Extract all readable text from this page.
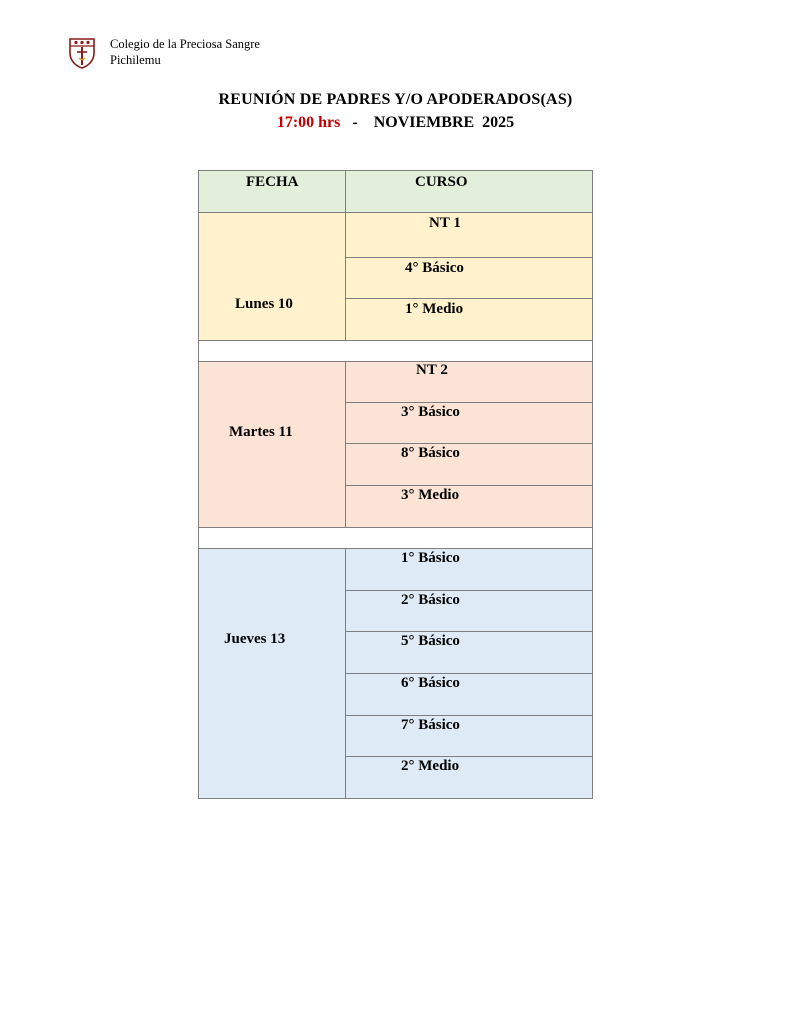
Colegio de la Preciosa Sangre
Pichilemu
REUNIÓN DE PADRES Y/O APODERADOS(AS)
17:00 hrs   -    NOVIEMBRE  2025
FECHA	CURSO
Lunes 10
NT 1
4° Básico
1° Medio
Martes 11
NT 2
3° Básico
8° Básico
3° Medio
Jueves 13
1° Básico
2° Básico
5° Básico
6° Básico
7° Básico
2° Medio
